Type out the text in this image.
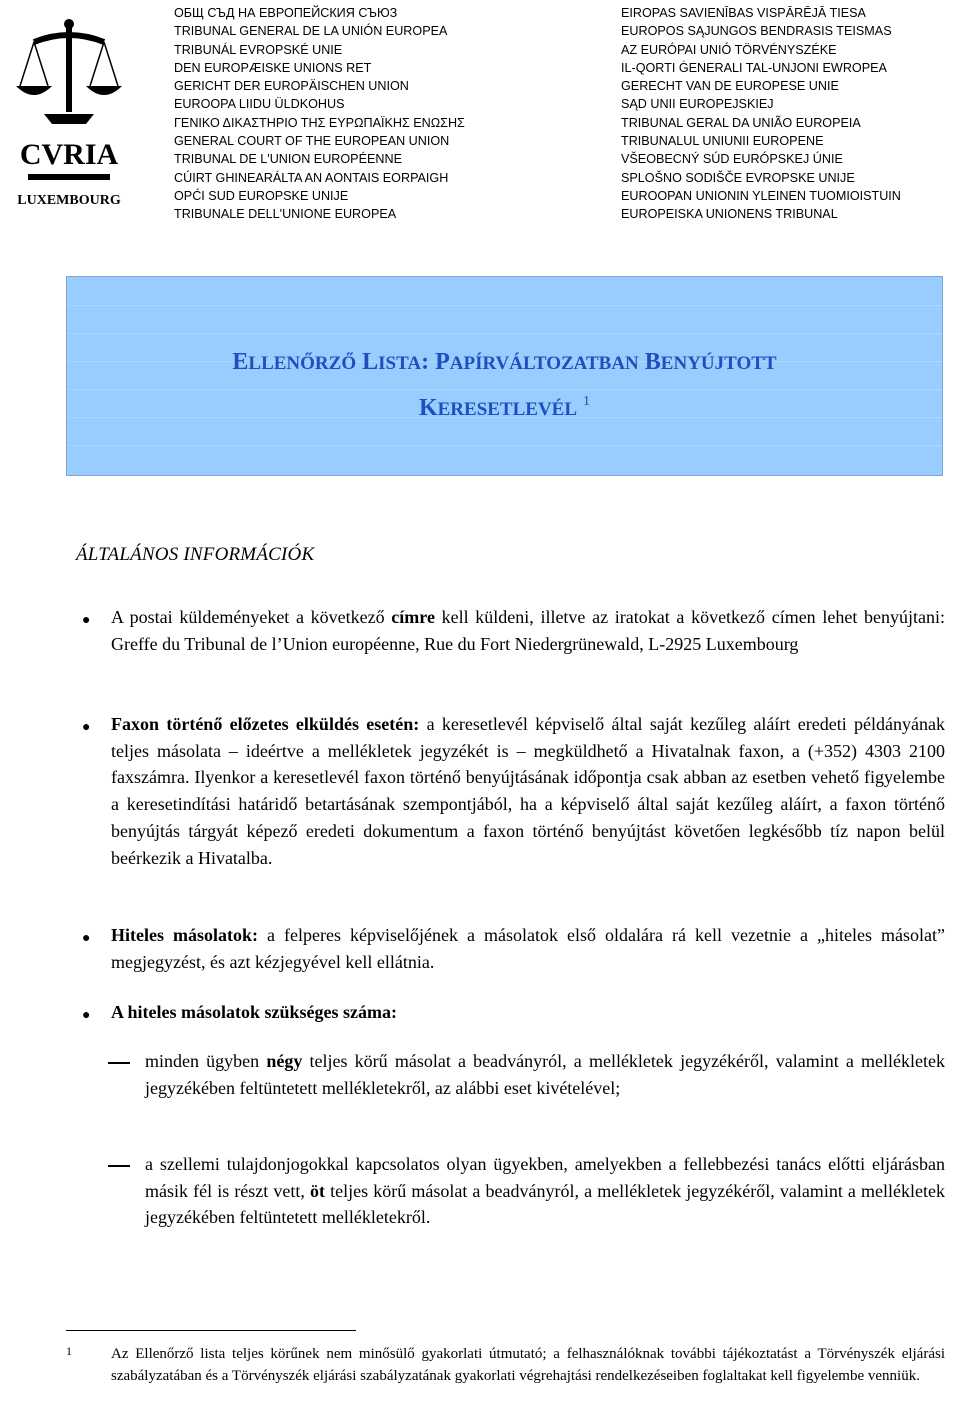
CVRIA
LUXEMBOURG
ОБЩ СЪД НА ЕВРОПЕЙСКИЯ СЪЮЗ
TRIBUNAL GENERAL DE LA UNIÓN EUROPEA
TRIBUNÁL EVROPSKÉ UNIE
DEN EUROPÆISKE UNIONS RET
GERICHT DER EUROPÄISCHEN UNION
EUROOPA LIIDU ÜLDKOHUS
ΓΕΝΙΚΟ ΔΙΚΑΣΤΗΡΙΟ ΤΗΣ ΕΥΡΩΠΑΪΚΗΣ ΕΝΩΣΗΣ
GENERAL COURT OF THE EUROPEAN UNION
TRIBUNAL DE L'UNION EUROPÉENNE
CÚIRT GHINEARÁLTA AN AONTAIS EORPAIGH
OPĆI SUD EUROPSKE UNIJE
TRIBUNALE DELL'UNIONE EUROPEA
EIROPAS SAVIENĪBAS VISPĀRĒJĀ TIESA
EUROPOS SĄJUNGOS BENDRASIS TEISMAS
AZ EURÓPAI UNIÓ TÖRVÉNYSZÉKE
IL-QORTI ĠENERALI TAL-UNJONI EWROPEA
GERECHT VAN DE EUROPESE UNIE
SĄD UNII EUROPEJSKIEJ
TRIBUNAL GERAL DA UNIÃO EUROPEIA
TRIBUNALUL UNIUNII EUROPENE
VŠEOBECNÝ SÚD EURÓPSKEJ ÚNIE
SPLOŠNO SODIŠČE EVROPSKE UNIJE
EUROOPAN UNIONIN YLEINEN TUOMIOISTUIN
EUROPEISKA UNIONENS TRIBUNAL
ELLENŐRZŐ LISTA: PAPÍRVÁLTOZATBAN BENYÚJTOTT
KERESETLEVÉL $^1$
ÁLTALÁNOS INFORMÁCIÓK
● A postai küldeményeket a következő címre kell küldeni, illetve az iratokat a következő címen lehet benyújtani: Greffe du Tribunal de l’Union européenne, Rue du Fort Niedergrünewald, L-2925 Luxembourg
● Faxon történő előzetes elküldés esetén: a keresetlevél képviselő által saját kezűleg aláírt eredeti példányának teljes másolata – ideértve a mellékletek jegyzékét is – megküldhető a Hivatalnak faxon, a (+352) 4303 2100 faxszámra. Ilyenkor a keresetlevél faxon történő benyújtásának időpontja csak abban az esetben vehető figyelembe a keresetindítási határidő betartásának szempontjából, ha a képviselő által saját kezűleg aláírt, a faxon történő benyújtás tárgyát képező eredeti dokumentum a faxon történő benyújtást követően legkésőbb tíz napon belül beérkezik a Hivatalba.
● Hiteles másolatok: a felperes képviselőjének a másolatok első oldalára rá kell vezetnie a „hiteles másolat” megjegyzést, és azt kézjegyével kell ellátnia.
● A hiteles másolatok szükséges száma:
minden ügyben négy teljes körű másolat a beadványról, a mellékletek jegyzékéről, valamint a mellékletek jegyzékében feltüntetett mellékletekről, az alábbi eset kivételével;
a szellemi tulajdonjogokkal kapcsolatos olyan ügyekben, amelyekben a fellebbezési tanács előtti eljárásban másik fél is részt vett, öt teljes körű másolat a beadványról, a mellékletek jegyzékéről, valamint a mellékletek jegyzékében feltüntetett mellékletekről.
1	Az Ellenőrző lista teljes körűnek nem minősülő gyakorlati útmutató; a felhasználóknak további tájékoztatást a Törvényszék eljárási szabályzatában és a Törvényszék eljárási szabályzatának gyakorlati végrehajtási rendelkezéseiben foglaltakat kell figyelembe venniük.
